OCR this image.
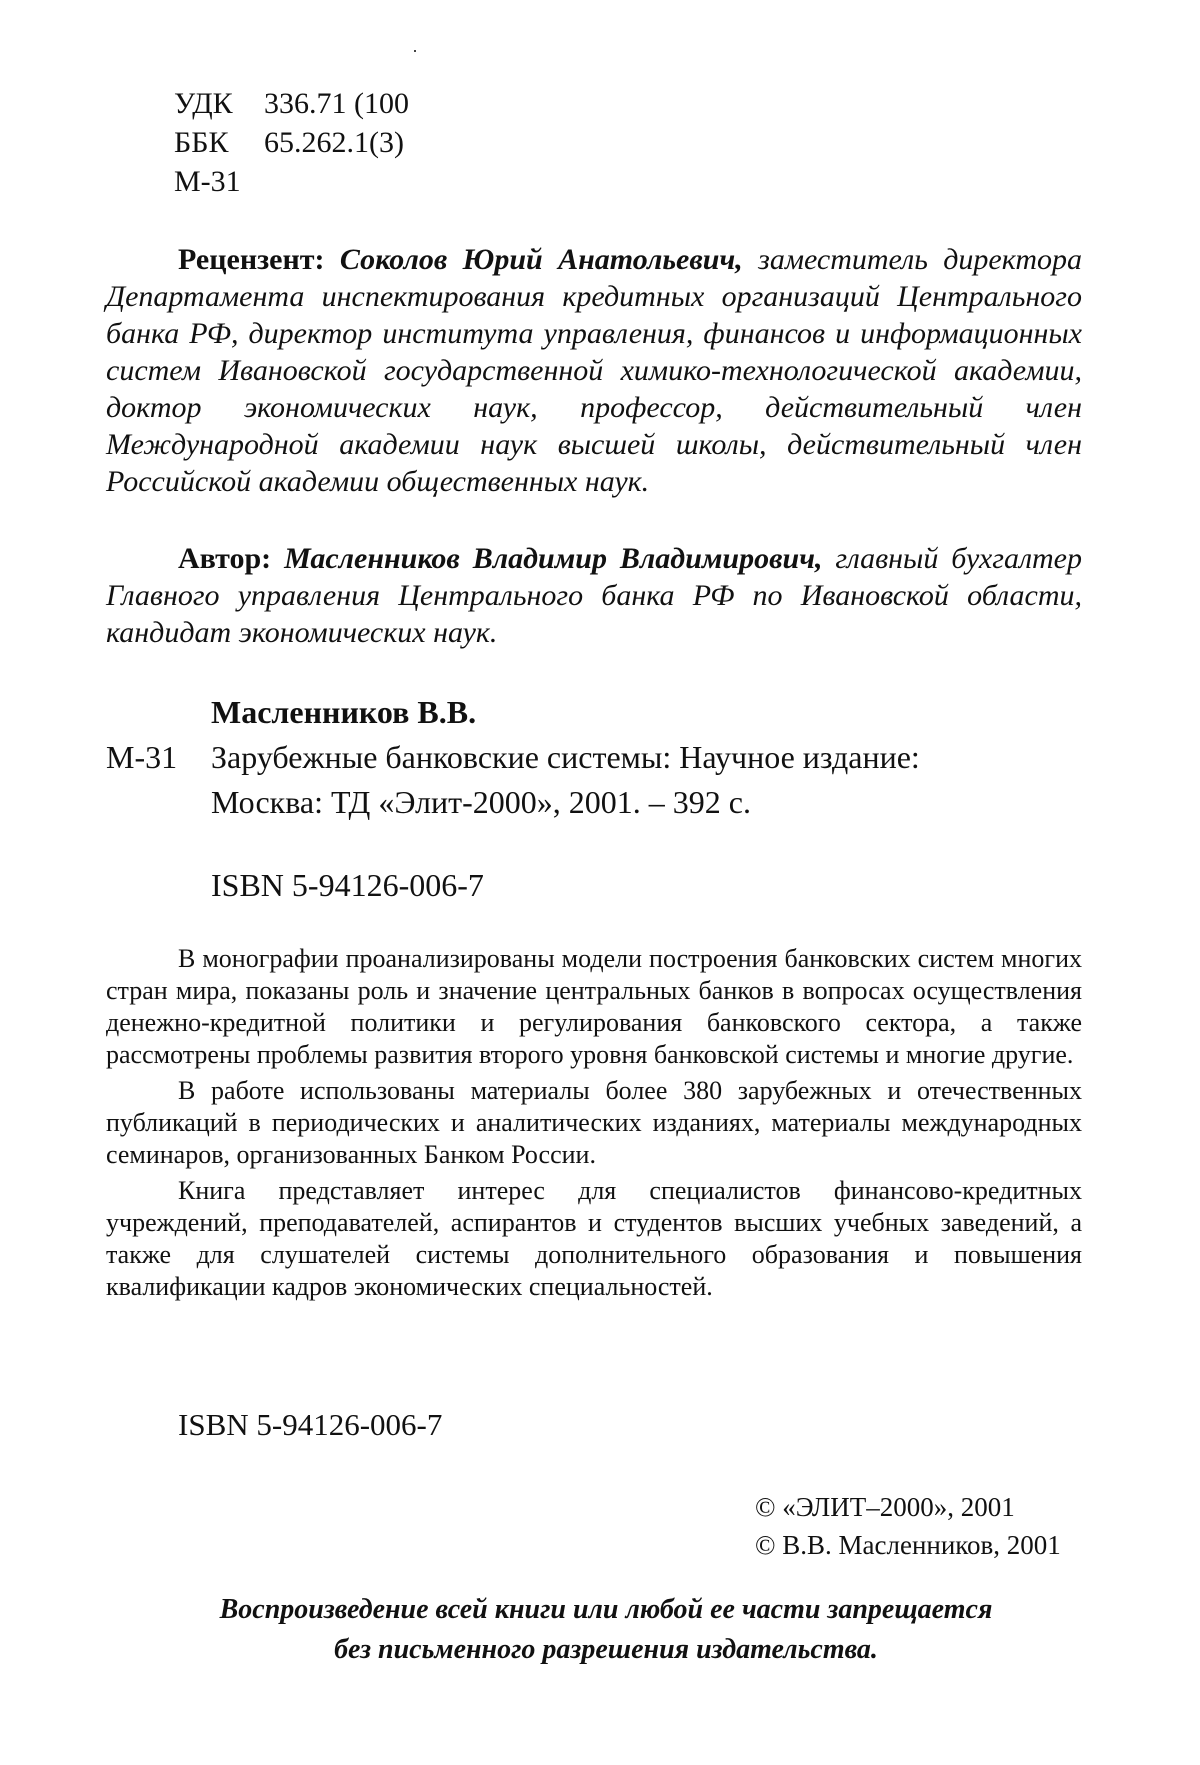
УДК 336.71 (100
ББК 65.262.1(3)
М-31
Рецензент: Соколов Юрий Анатольевич, заместитель директора Департамента инспектирования кредитных организаций Центрального банка РФ, директор института управления, финансов и информационных систем Ивановской государственной химико-технологической академии, доктор экономических наук, профессор, действительный член Международной академии наук высшей школы, действительный член Российской академии общественных наук.
Автор: Масленников Владимир Владимирович, главный бухгалтер Главного управления Центрального банка РФ по Ивановской области, кандидат экономических наук.
Масленников В.В.
М-31 Зарубежные банковские системы: Научное издание:
Москва: ТД «Элит-2000», 2001. – 392 с.
ISBN 5-94126-006-7

В монографии проанализированы модели построения банковских систем многих стран мира, показаны роль и значение центральных банков в вопросах осуществления денежно-кредитной политики и регулирования банковского сектора, а также рассмотрены проблемы развития второго уровня банковской системы и многие другие.

В работе использованы материалы более 380 зарубежных и отечественных публикаций в периодических и аналитических изданиях, материалы международных семинаров, организованных Банком России.

Книга представляет интерес для специалистов финансово-кредитных учреждений, преподавателей, аспирантов и студентов высших учебных заведений, а также для слушателей системы дополнительного образования и повышения квалификации кадров экономических специальностей.

ISBN 5-94126-006-7
© «ЭЛИТ–2000», 2001
© В.В. Масленников, 2001
Воспроизведение всей книги или любой ее части запрещается
без письменного разрешения издательства.
